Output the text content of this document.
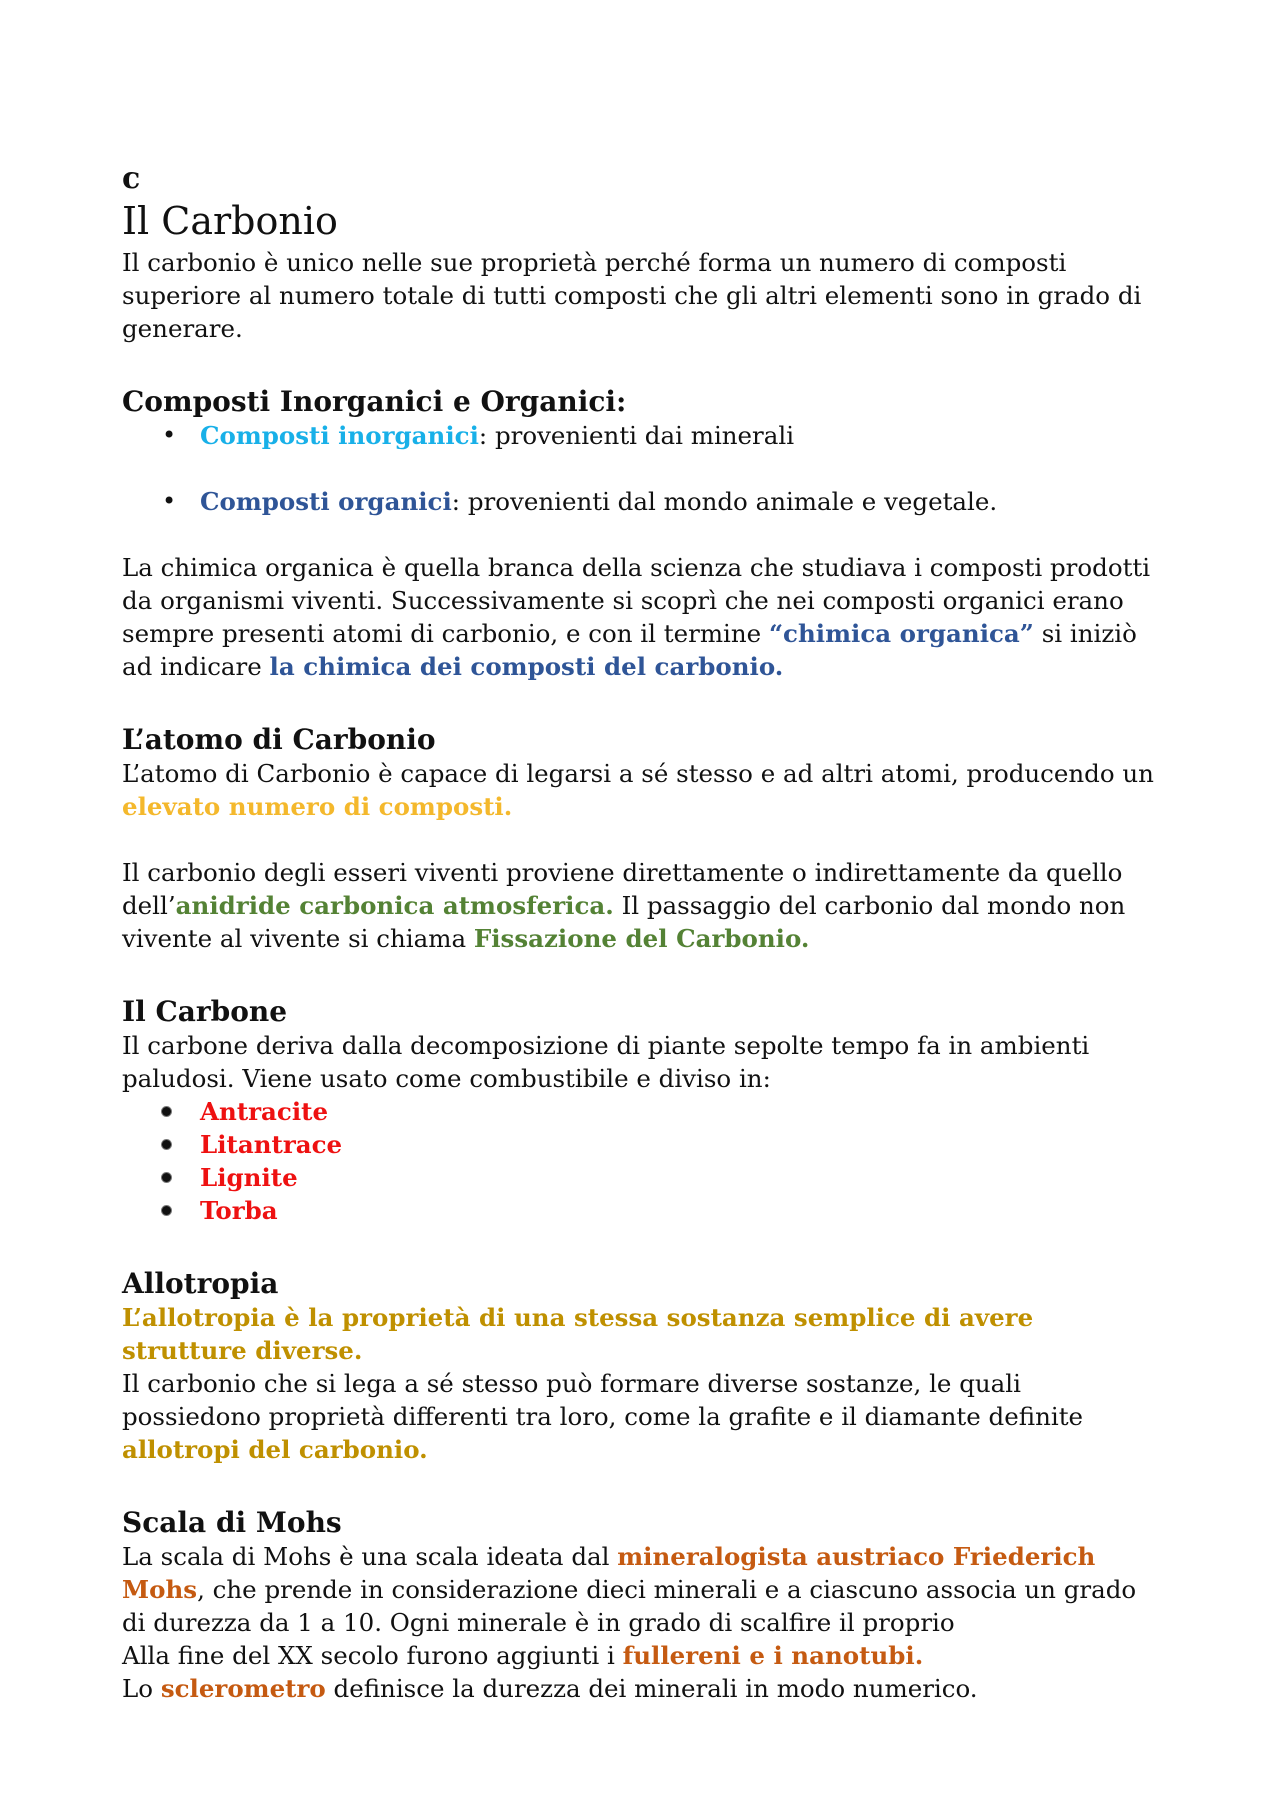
c
Il Carbonio

Il carbonio è unico nelle sue proprietà perché forma un numero di composti superiore al numero totale di tutti composti che gli altri elementi sono in grado di generare.

Composti Inorganici e Organici:
• Composti inorganici: provenienti dai minerali
• Composti organici: provenienti dal mondo animale e vegetale.

La chimica organica è quella branca della scienza che studiava i composti prodotti da organismi viventi. Successivamente si scoprì che nei composti organici erano sempre presenti atomi di carbonio, e con il termine “chimica organica” si iniziò ad indicare la chimica dei composti del carbonio.

L’atomo di Carbonio

L’atomo di Carbonio è capace di legarsi a sé stesso e ad altri atomi, producendo un elevato numero di composti.

Il carbonio degli esseri viventi proviene direttamente o indirettamente da quello dell’anidride carbonica atmosferica. Il passaggio del carbonio dal mondo non vivente al vivente si chiama Fissazione del Carbonio.

Il Carbone

Il carbone deriva dalla decomposizione di piante sepolte tempo fa in ambienti paludosi. Viene usato come combustibile e diviso in:

Antracite
Litantrace
Lignite
Torba
Allotropia

L’allotropia è la proprietà di una stessa sostanza semplice di avere strutture diverse.

Il carbonio che si lega a sé stesso può formare diverse sostanze, le quali possiedono proprietà differenti tra loro, come la grafite e il diamante definite allotropi del carbonio.

Scala di Mohs

La scala di Mohs è una scala ideata dal mineralogista austriaco Friederich Mohs, che prende in considerazione dieci minerali e a ciascuno associa un grado di durezza da 1 a 10. Ogni minerale è in grado di scalfire il proprio

Alla fine del XX secolo furono aggiunti i fullereni e i nanotubi.

Lo sclerometro definisce la durezza dei minerali in modo numerico.
